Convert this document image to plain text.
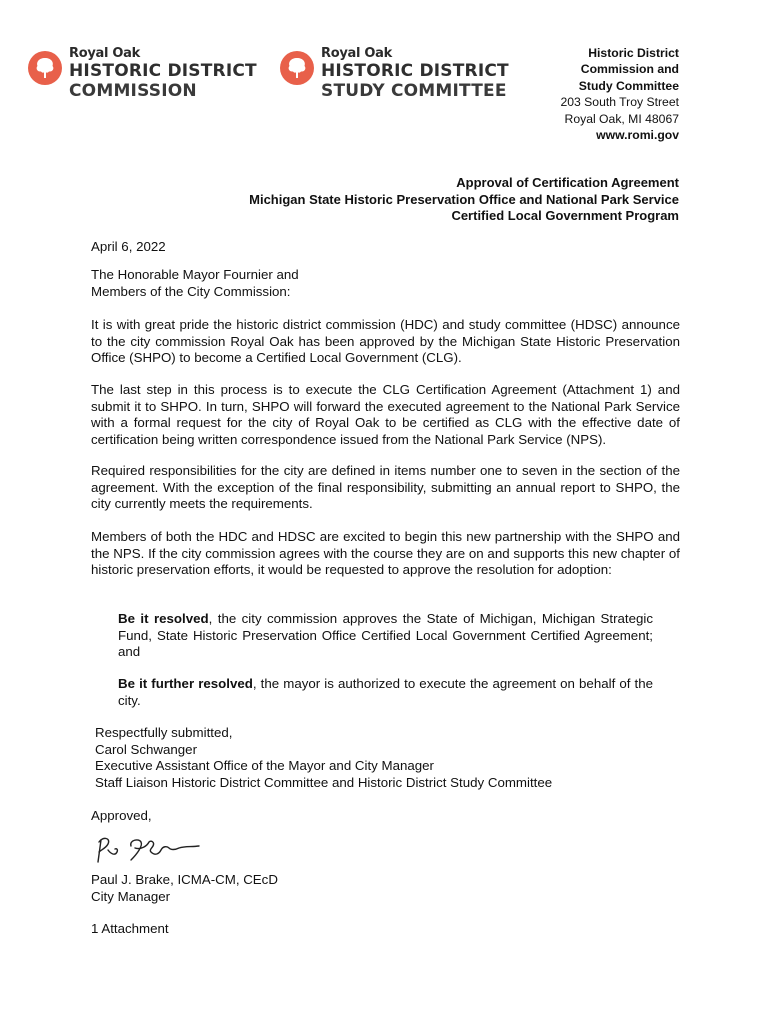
Royal Oak
HISTORIC DISTRICT
COMMISSION
Royal Oak
HISTORIC DISTRICT
STUDY COMMITTEE
Historic District
Commission and
Study Committee
203 South Troy Street
Royal Oak, MI 48067
www.romi.gov
Approval of Certification Agreement
Michigan State Historic Preservation Office and National Park Service
Certified Local Government Program
April 6, 2022
The Honorable Mayor Fournier and
Members of the City Commission:
It is with great pride the historic district commission (HDC) and study committee (HDSC) announce to the city commission Royal Oak has been approved by the Michigan State Historic Preservation Office (SHPO) to become a Certified Local Government (CLG).
The last step in this process is to execute the CLG Certification Agreement (Attachment 1) and submit it to SHPO. In turn, SHPO will forward the executed agreement to the National Park Service with a formal request for the city of Royal Oak to be certified as CLG with the effective date of certification being written correspondence issued from the National Park Service (NPS).
Required responsibilities for the city are defined in items number one to seven in the section of the agreement. With the exception of the final responsibility, submitting an annual report to SHPO, the city currently meets the requirements.
Members of both the HDC and HDSC are excited to begin this new partnership with the SHPO and the NPS. If the city commission agrees with the course they are on and supports this new chapter of historic preservation efforts, it would be requested to approve the resolution for adoption:
Be it resolved, the city commission approves the State of Michigan, Michigan Strategic Fund, State Historic Preservation Office Certified Local Government Certified Agreement; and
Be it further resolved, the mayor is authorized to execute the agreement on behalf of the city.
Respectfully submitted,
Carol Schwanger
Executive Assistant Office of the Mayor and City Manager
Staff Liaison Historic District Committee and Historic District Study Committee
Approved,
Paul J. Brake, ICMA-CM, CEcD
City Manager
1 Attachment
